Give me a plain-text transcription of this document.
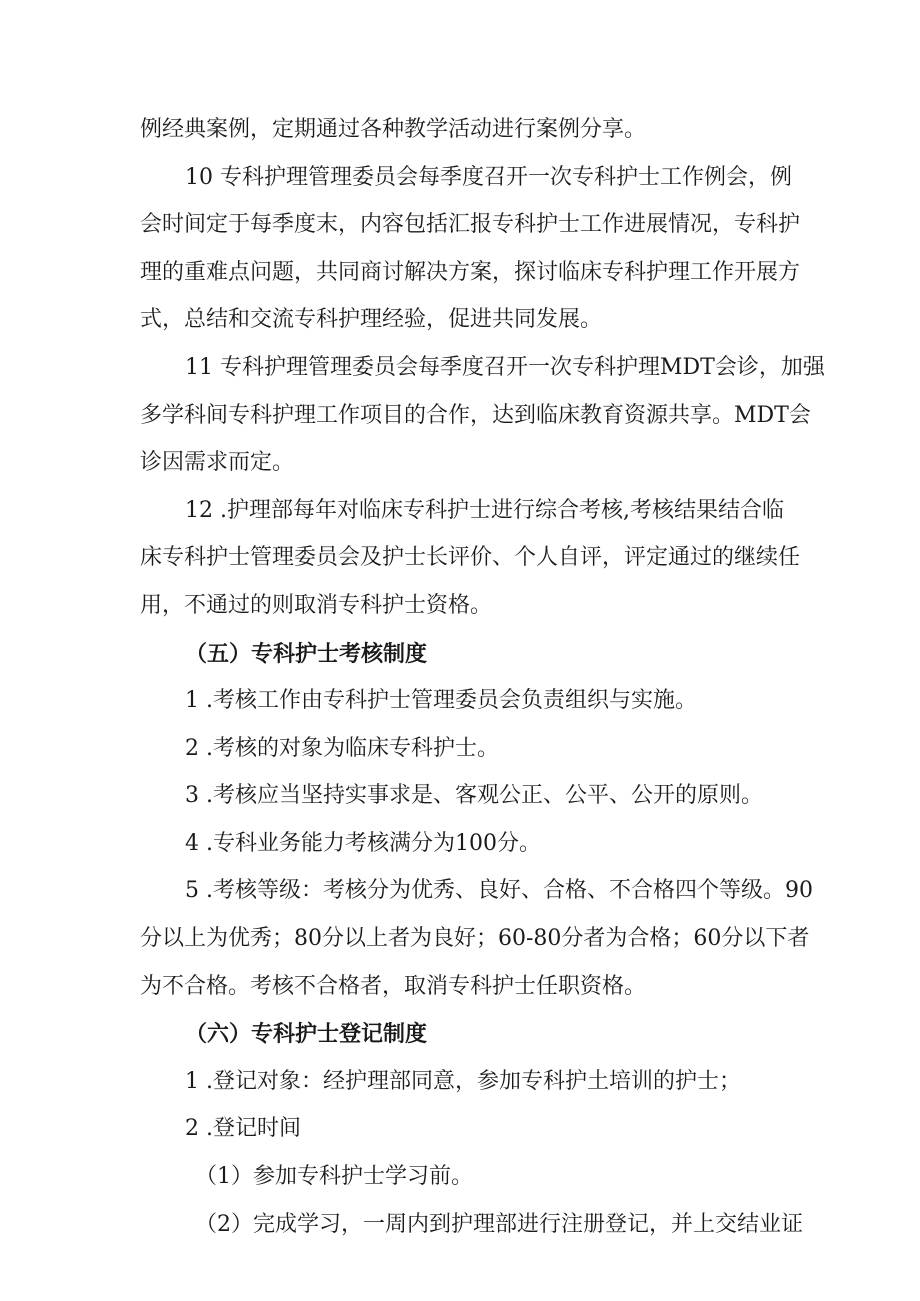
例经典案例，定期通过各种教学活动进行案例分享。
10 专科护理管理委员会每季度召开一次专科护士工作例会，例
会时间定于每季度末，内容包括汇报专科护士工作进展情况，专科护
理的重难点问题，共同商讨解决方案，探讨临床专科护理工作开展方
式，总结和交流专科护理经验，促进共同发展。
11 专科护理管理委员会每季度召开一次专科护理MDT会诊，加强
多学科间专科护理工作项目的合作，达到临床教育资源共享。MDT会
诊因需求而定。
12 .护理部每年对临床专科护士进行综合考核,考核结果结合临
床专科护士管理委员会及护士长评价、个人自评，评定通过的继续任
用，不通过的则取消专科护士资格。
（五）专科护士考核制度
1 .考核工作由专科护士管理委员会负责组织与实施。
2 .考核的对象为临床专科护士。
3 .考核应当坚持实事求是、客观公正、公平、公开的原则。
4 .专科业务能力考核满分为100分。
5 .考核等级：考核分为优秀、良好、合格、不合格四个等级。90
分以上为优秀；80分以上者为良好；60-80分者为合格；60分以下者
为不合格。考核不合格者，取消专科护士任职资格。
（六）专科护士登记制度
1 .登记对象：经护理部同意，参加专科护土培训的护士；
2 .登记时间
（1）参加专科护士学习前。
（2）完成学习，一周内到护理部进行注册登记，并上交结业证
